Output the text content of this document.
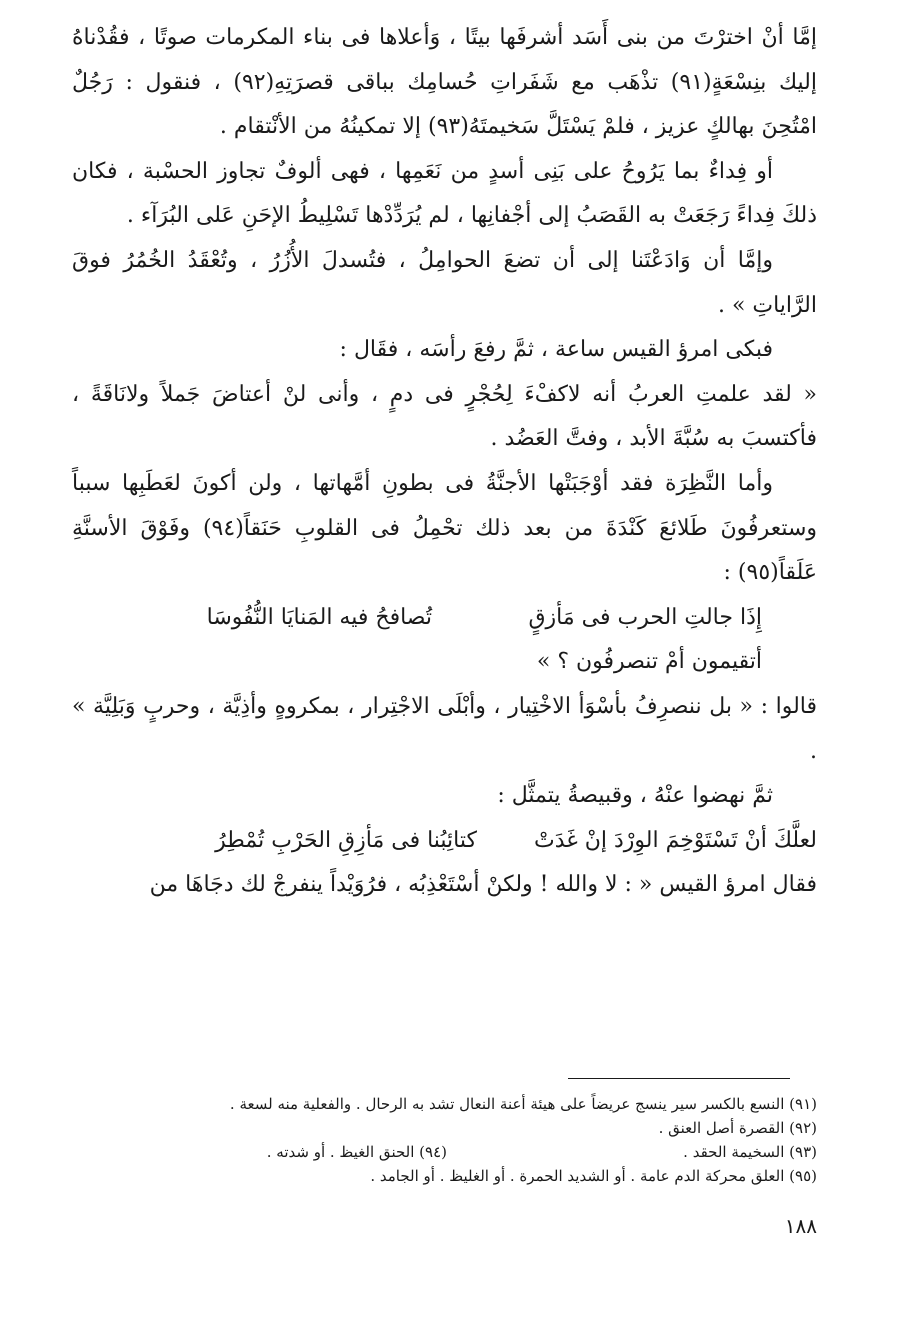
إمَّا أنْ اخترْتَ من بنى أَسَد أشرفَها بيتًا ، وَأعلاها فى بناء المكرمات صوتًا ، فقُدْناهُ إليك بنِسْعَةٍ(٩١) تذْهَب مع شَفَراتِ حُسامِك بباقى قصرَتِهِ(٩٢) ، فنقول : رَجُلٌ امْتُحِنَ بهالكٍ عزيز ، فلمْ يَسْتَلَّ سَخيمتَهُ(٩٣) إلا تمكينُهُ من الأنْتقام .

أو فِداءٌ بما يَرُوحُ على بَنِى أسدٍ من نَعَمِها ، فهى ألوفٌ تجاوز الحسْبة ، فكان ذلكَ فِداءً رَجَعَتْ به القَصَبُ إلى أجْفانِها ، لم يُرَدِّدْها تَسْلِيطُ الإحَنِ عَلى البُرَآء .

وإمَّا أن وَادَعْتَنا إلى أن تضعَ الحوامِلُ ، فتُسدلَ الأُزُرُ ، وتُعْقَدُ الخُمُرُ فوقَ الرَّاياتِ » .

فبكى امرؤ القيس ساعة ، ثمَّ رفعَ رأسَه ، فقَال :

« لقد علمتِ العربُ أنه لاكفْءَ لِحُجْرٍ فى دمٍ ، وأنى لنْ أعتاضَ جَملاً ولانَاقَةً ، فأكتسبَ به سُبَّةَ الأبد ، وفتَّ العَضُد .

وأما النَّظِرَة فقد أوْجَبَتْها الأجنَّةُ فى بطونِ أمَّهاتها ، ولن أكونَ لعَطَبِها سبباً وستعرفُونَ طَلائعَ كَنْدَةَ من بعد ذلك تحْمِلُ فى القلوبِ حَنَقاً(٩٤) وفَوْقَ الأسنَّةِ عَلَقاً(٩٥) :

إِذَا جالتِ الحرب فى مَأزقٍ
تُصافحُ فيه المَنايَا النُّفُوسَا

أتقيمون أمْ تنصرفُون ؟ »

قالوا : « بل ننصرِفُ بأسْوَأ الاخْتِيار ، وأبْلَى الاجْتِرار ، بمكروهٍ وأذِيَّة ، وحربٍ وَبَلِيَّة » .

ثمَّ نهضوا عنْهُ ، وقبيصةُ يتمثَّل :

لعلَّكَ أنْ تَسْتَوْخِمَ الوِرْدَ إنْ غَدَتْ
كتائِبُنا فى مَأزِقِ الحَرْبِ تُمْطِرُ

فقال امرؤ القيس « : لا والله ! ولكنْ أسْتَعْذِبُه ، فرُوَيْداً ينفرجْ لك دجَاهَا من

(٩١) النسع بالكسر سير ينسج عريضاً على هيئة أعنة النعال تشد به الرحال . والفعلية منه لسعة .
(٩٢) القصرة أصل العنق .
(٩٣) السخيمة الحقد .
(٩٤) الحنق الغيظ . أو شدته .
(٩٥) العلق محركة الدم عامة . أو الشديد الحمرة . أو الغليظ . أو الجامد .
١٨٨
